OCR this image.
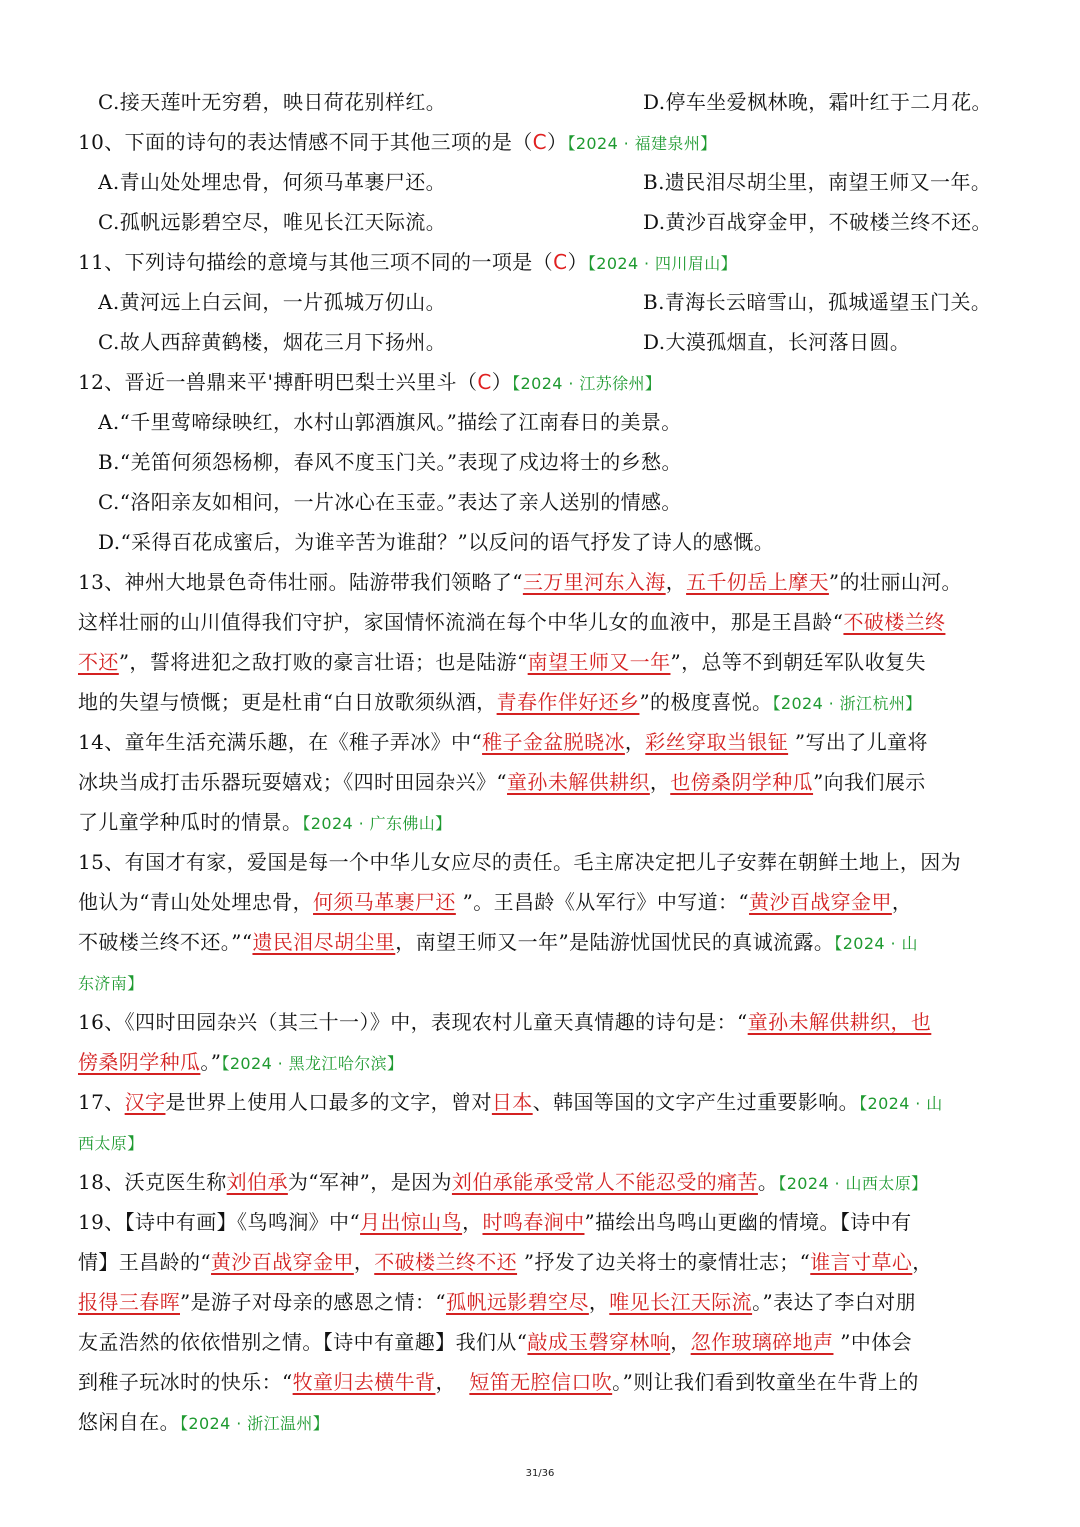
C.接天莲叶无穷碧，映日荷花别样红。	D.停车坐爱枫林晚，霜叶红于二月花。
10、下面的诗句的表达情感不同于其他三项的是（C）【2024 · 福建泉州】
A.青山处处埋忠骨，何须马革裹尸还。	B.遗民泪尽胡尘里，南望王师又一年。
C.孤帆远影碧空尽，唯见长江天际流。	D.黄沙百战穿金甲，不破楼兰终不还。
11、下列诗句描绘的意境与其他三项不同的一项是（C）【2024 · 四川眉山】
A.黄河远上白云间，一片孤城万仞山。	B.青海长云暗雪山，孤城遥望玉门关。
C.故人西辞黄鹤楼，烟花三月下扬州。	D.大漠孤烟直，长河落日圆。
12、晋近一兽鼎来平'搏酐明巴梨士兴里斗（C）【2024 · 江苏徐州】
A.“千里莺啼绿映红，水村山郭酒旗风。”描绘了江南春日的美景。
B.“羌笛何须怨杨柳，春风不度玉门关。”表现了戍边将士的乡愁。
C.“洛阳亲友如相问，一片冰心在玉壶。”表达了亲人送别的情感。
D.“采得百花成蜜后，为谁辛苦为谁甜？”以反问的语气抒发了诗人的感慨。
13、神州大地景色奇伟壮丽。陆游带我们领略了“三万里河东入海，五千仞岳上摩天”的壮丽山河。
这样壮丽的山川值得我们守护，家国情怀流淌在每个中华儿女的血液中，那是王昌龄“不破楼兰终
不还”，誓将进犯之敌打败的豪言壮语；也是陆游“南望王师又一年”，总等不到朝廷军队收复失
地的失望与愤慨；更是杜甫“白日放歌须纵酒，青春作伴好还乡”的极度喜悦。【2024 · 浙江杭州】
14、童年生活充满乐趣，在《稚子弄冰》中“稚子金盆脱晓冰，彩丝穿取当银钲 ”写出了儿童将
冰块当成打击乐器玩耍嬉戏；《四时田园杂兴》“童孙未解供耕织，也傍桑阴学种瓜”向我们展示
了儿童学种瓜时的情景。【2024 · 广东佛山】
15、有国才有家，爱国是每一个中华儿女应尽的责任。毛主席决定把儿子安葬在朝鲜土地上，因为
他认为“青山处处埋忠骨，何须马革裹尸还 ”。王昌龄《从军行》中写道：“黄沙百战穿金甲，
不破楼兰终不还。”“遗民泪尽胡尘里，南望王师又一年”是陆游忧国忧民的真诚流露。【2024 · 山
东济南】
16、《四时田园杂兴（其三十一）》中，表现农村儿童天真情趣的诗句是：“童孙未解供耕织，也
傍桑阴学种瓜。”【2024 · 黑龙江哈尔滨】
17、汉字是世界上使用人口最多的文字，曾对日本、韩国等国的文字产生过重要影响。【2024 · 山
西太原】
18、沃克医生称刘伯承为“军神”，是因为刘伯承能承受常人不能忍受的痛苦。【2024 · 山西太原】
19、【诗中有画】《鸟鸣涧》中“月出惊山鸟，时鸣春涧中”描绘出鸟鸣山更幽的情境。【诗中有
情】王昌龄的“黄沙百战穿金甲，不破楼兰终不还 ”抒发了边关将士的豪情壮志；“谁言寸草心，
报得三春晖”是游子对母亲的感恩之情：“孤帆远影碧空尽，唯见长江天际流。”表达了李白对朋
友孟浩然的依依惜别之情。【诗中有童趣】我们从“敲成玉磬穿林响，忽作玻璃碎地声 ”中体会
到稚子玩冰时的快乐：“牧童归去横牛背，  短笛无腔信口吹。”则让我们看到牧童坐在牛背上的
悠闲自在。【2024 · 浙江温州】
31/36
